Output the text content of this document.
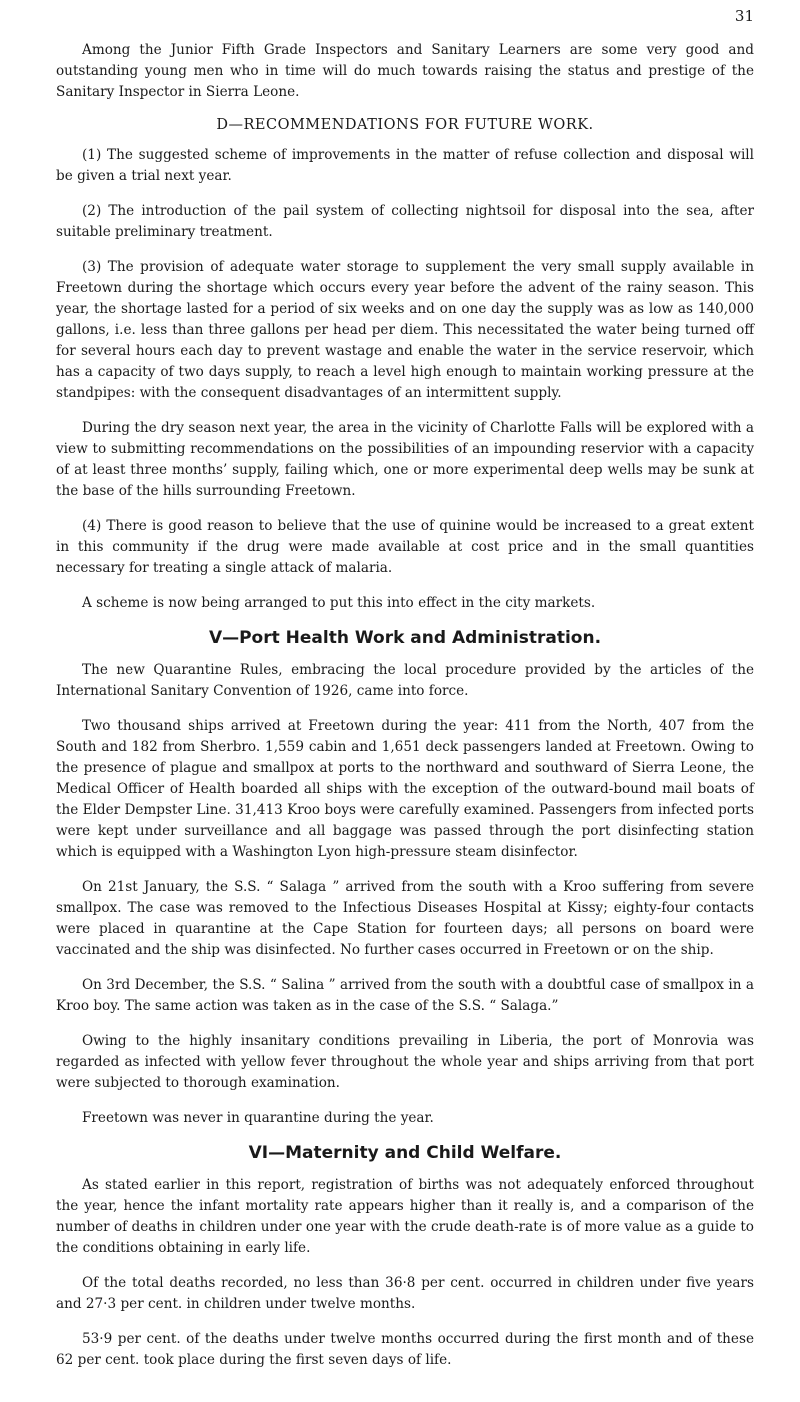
31

Among the Junior Fifth Grade Inspectors and Sanitary Learners are some very good and outstanding young men who in time will do much towards raising the status and prestige of the Sanitary Inspector in Sierra Leone.

D—RECOMMENDATIONS FOR FUTURE WORK.

(1) The suggested scheme of improvements in the matter of refuse collection and disposal will be given a trial next year.

(2) The introduction of the pail system of collecting nightsoil for disposal into the sea, after suitable preliminary treatment.

(3) The provision of adequate water storage to supplement the very small supply available in Freetown during the shortage which occurs every year before the advent of the rainy season. This year, the shortage lasted for a period of six weeks and on one day the supply was as low as 140,000 gallons, i.e. less than three gallons per head per diem. This necessitated the water being turned off for several hours each day to prevent wastage and enable the water in the service reservoir, which has a capacity of two days supply, to reach a level high enough to maintain working pressure at the standpipes: with the consequent disadvantages of an intermittent supply.

During the dry season next year, the area in the vicinity of Charlotte Falls will be explored with a view to submitting recommendations on the possibilities of an impounding reservior with a capacity of at least three months’ supply, failing which, one or more experimental deep wells may be sunk at the base of the hills surrounding Freetown.

(4) There is good reason to believe that the use of quinine would be increased to a great extent in this community if the drug were made available at cost price and in the small quantities necessary for treating a single attack of malaria.

A scheme is now being arranged to put this into effect in the city markets.

V—Port Health Work and Administration.

The new Quarantine Rules, embracing the local procedure provided by the articles of the International Sanitary Convention of 1926, came into force.

Two thousand ships arrived at Freetown during the year: 411 from the North, 407 from the South and 182 from Sherbro. 1,559 cabin and 1,651 deck passengers landed at Freetown. Owing to the presence of plague and smallpox at ports to the northward and southward of Sierra Leone, the Medical Officer of Health boarded all ships with the exception of the outward-bound mail boats of the Elder Dempster Line. 31,413 Kroo boys were carefully examined. Passengers from infected ports were kept under surveillance and all baggage was passed through the port disinfecting station which is equipped with a Washington Lyon high-pressure steam disinfector.

On 21st January, the S.S. “ Salaga ” arrived from the south with a Kroo suffering from severe smallpox. The case was removed to the Infectious Diseases Hospital at Kissy; eighty-four contacts were placed in quarantine at the Cape Station for fourteen days; all persons on board were vaccinated and the ship was disinfected. No further cases occurred in Freetown or on the ship.

On 3rd December, the S.S. “ Salina ” arrived from the south with a doubtful case of smallpox in a Kroo boy. The same action was taken as in the case of the S.S. “ Salaga.”

Owing to the highly insanitary conditions prevailing in Liberia, the port of Monrovia was regarded as infected with yellow fever throughout the whole year and ships arriving from that port were subjected to thorough examination.

Freetown was never in quarantine during the year.

VI—Maternity and Child Welfare.

As stated earlier in this report, registration of births was not adequately enforced throughout the year, hence the infant mortality rate appears higher than it really is, and a comparison of the number of deaths in children under one year with the crude death-rate is of more value as a guide to the conditions obtaining in early life.

Of the total deaths recorded, no less than 36·8 per cent. occurred in children under five years and 27·3 per cent. in children under twelve months.

53·9 per cent. of the deaths under twelve months occurred during the first month and of these 62 per cent. took place during the first seven days of life.
